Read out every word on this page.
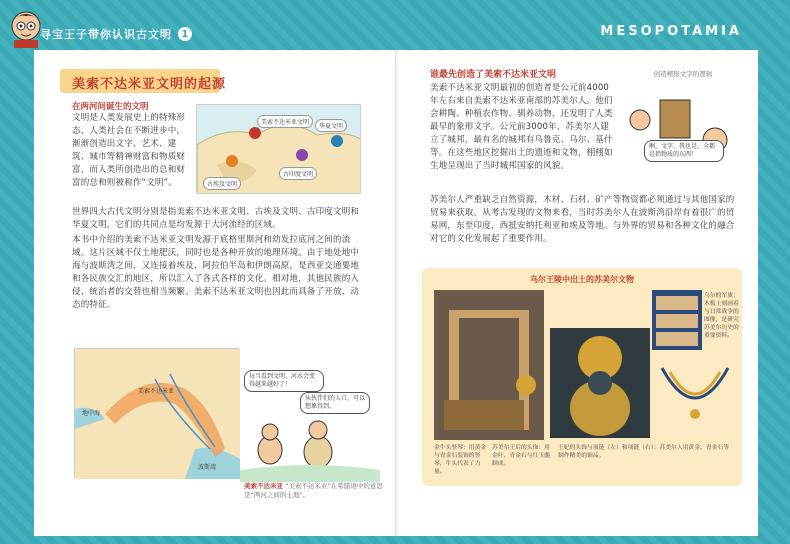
寻宝王子带你认识古文明 1	MESOPOTAMIA
美索不达米亚文明的起源
在两河间诞生的文明
文明是人类发展史上的特殊形态，人类社会在不断进步中，渐渐创造出文字、艺术、建筑、城市等精神财富和物质财富，而人类所创造出的总和财富的总和则被称作“文明”。
美索不达米亚文明
古埃及文明
古印度文明
华夏文明
世界四大古代文明分别是指美索不达米亚文明、古埃及文明、古印度文明和华夏文明，它们的共同点是均发源于大河流经的区域。
本书中介绍的美索不达米亚文明发源于底格里斯河和幼发拉底河之间的流域。这片区域不仅土地肥沃，同时也是各种开放的地理环境。由于地处地中海与波斯湾之间，又连接着埃及、阿拉伯半岛和伊朗高原，是西亚交通要地和各民族交汇的地区，所以汇入了各式各样的文化。相对地，其他民族的入侵、统治者的交替也相当频繁。美索不达米亚文明也因此而具备了开放、动态的特征。
地中海
美索不达米亚
波斯湾
每当看到文明，河水会变得越来越好了！
从伙伴们的人口，可以想象得到。
美索不达米亚 “美索不达米亚”在希腊语中的意思是“两河之间的土地”。
谁最先创造了美索不达米亚文明
美索不达米亚文明最初的创造者是公元前4000年左右来自美索不达米亚南部的苏美尔人。他们会耕陶、种植农作物、驯养动物，还发明了人类最早的象形文字。公元前3000年，苏美尔人建立了城邦，最有名的城邦有乌鲁克、乌尔、基什等。在这些地区挖掘出土的遗迹和文物，栩栩如生地呈现出了当时城邦国家的风貌。
创造楔形文字的逻辑
啊，文字，我也是，全都是指物质的东西！
苏美尔人严重缺乏自然资源，木材、石材、矿产等物资都必须通过与其他国家的贸易来获取。从考古发现的文物来看，当时苏美尔人在波斯湾沿岸有着很广的贸易网，东至印度，西抵安纳托利亚和埃及等地。与外界的贸易和各种文化的融合对它的文化发展起了重要作用。
乌尔王陵中出土的苏美尔文物
乌尔的军旗：木板上刻画着与日常战争的图像，是研究苏美尔历史的重要资料。
金牛头竖琴：用黄金与青金石装饰的竖琴，牛头代表了力量。
苏美尔王后的头饰：用金叶、青金石与红玉髓制成。
王妃的头饰与项链（左）和项链（右）：苏美尔人用黄金、青金石等制作精美的饰品。
